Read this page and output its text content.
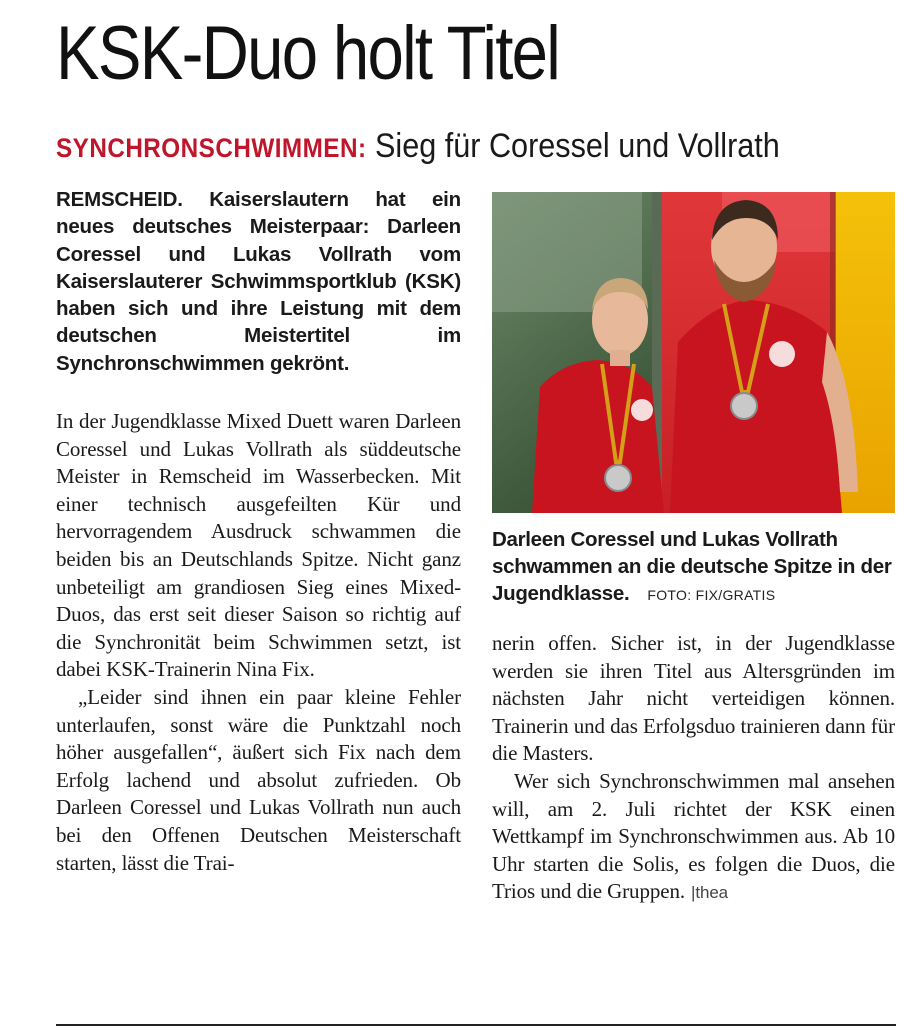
KSK-Duo holt Titel
SYNCHRONSCHWIMMEN: Sieg für Coressel und Vollrath
REMSCHEID. Kaiserslautern hat ein neues deutsches Meisterpaar: Darleen Coressel und Lukas Vollrath vom Kaiserslauterer Schwimmsportklub (KSK) haben sich und ihre Leistung mit dem deutschen Meistertitel im Synchronschwimmen gekrönt.

In der Jugendklasse Mixed Duett waren Darleen Coressel und Lukas Vollrath als süddeutsche Meister in Remscheid im Wasserbecken. Mit einer technisch ausgefeilten Kür und hervorragendem Ausdruck schwammen die beiden bis an Deutschlands Spitze. Nicht ganz unbeteiligt am grandiosen Sieg eines Mixed-Duos, das erst seit dieser Saison so richtig auf die Synchronität beim Schwimmen setzt, ist dabei KSK-Trainerin Nina Fix.

„Leider sind ihnen ein paar kleine Fehler unterlaufen, sonst wäre die Punktzahl noch höher ausgefallen“, äußert sich Fix nach dem Erfolg lachend und absolut zufrieden. Ob Darleen Coressel und Lukas Vollrath nun auch bei den Offenen Deutschen Meisterschaft starten, lässt die Trai-

Darleen Coressel und Lukas Vollrath schwammen an die deutsche Spitze in der Jugendklasse. FOTO: FIX/GRATIS

nerin offen. Sicher ist, in der Jugendklasse werden sie ihren Titel aus Altersgründen im nächsten Jahr nicht verteidigen können. Trainerin und das Erfolgsduo trainieren dann für die Masters.

Wer sich Synchronschwimmen mal ansehen will, am 2. Juli richtet der KSK einen Wettkampf im Synchronschwimmen aus. Ab 10 Uhr starten die Solis, es folgen die Duos, die Trios und die Gruppen. |thea
